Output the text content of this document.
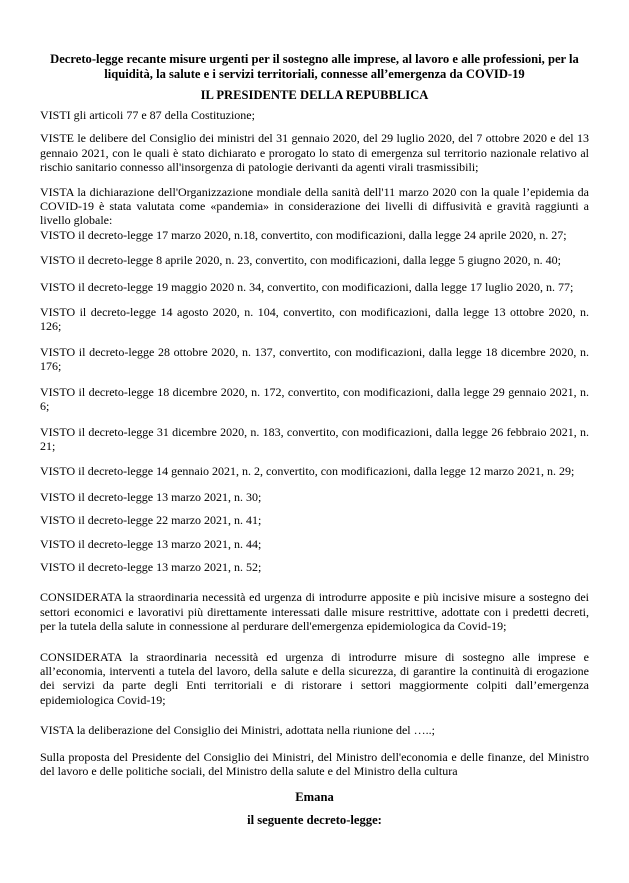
Decreto-legge recante misure urgenti per il sostegno alle imprese, al lavoro e alle professioni, per la liquidità, la salute e i servizi territoriali, connesse all’emergenza da COVID-19
IL PRESIDENTE DELLA REPUBBLICA
VISTI gli articoli 77 e 87 della Costituzione;
VISTE le delibere del Consiglio dei ministri del 31 gennaio 2020, del 29 luglio 2020, del 7 ottobre 2020 e del 13 gennaio 2021, con le quali è stato dichiarato e prorogato lo stato di emergenza sul territorio nazionale relativo al rischio sanitario connesso all'insorgenza di patologie derivanti da agenti virali trasmissibili;
VISTA la dichiarazione dell'Organizzazione mondiale della sanità dell'11 marzo 2020 con la quale l’epidemia da COVID-19 è stata valutata come «pandemia» in considerazione dei livelli di diffusività e gravità raggiunti a livello globale:
VISTO il decreto-legge 17 marzo 2020, n.18, convertito, con modificazioni, dalla legge 24 aprile 2020, n. 27;
VISTO il decreto-legge 8 aprile 2020, n. 23, convertito, con modificazioni, dalla legge 5 giugno 2020, n. 40;
VISTO il decreto-legge 19 maggio 2020 n. 34, convertito, con modificazioni, dalla legge 17 luglio 2020, n. 77;
VISTO il decreto-legge 14 agosto 2020, n. 104, convertito, con modificazioni, dalla legge 13 ottobre 2020, n. 126;
VISTO il decreto-legge 28 ottobre 2020, n. 137, convertito, con modificazioni, dalla legge 18 dicembre 2020, n. 176;
VISTO il decreto-legge 18 dicembre 2020, n. 172, convertito, con modificazioni, dalla legge 29 gennaio 2021, n. 6;
VISTO il decreto-legge 31 dicembre 2020, n. 183, convertito, con modificazioni, dalla legge 26 febbraio 2021, n. 21;
VISTO il decreto-legge 14 gennaio 2021, n. 2, convertito, con modificazioni, dalla legge 12 marzo 2021, n. 29;
VISTO il decreto-legge 13 marzo 2021, n. 30;
VISTO il decreto-legge 22 marzo 2021, n. 41;
VISTO il decreto-legge 13 marzo 2021, n. 44;
VISTO il decreto-legge 13 marzo 2021, n. 52;
CONSIDERATA la straordinaria necessità ed urgenza di introdurre apposite e più incisive misure a sostegno dei settori economici e lavorativi più direttamente interessati dalle misure restrittive, adottate con i predetti decreti, per la tutela della salute in connessione al perdurare dell'emergenza epidemiologica da Covid-19;
CONSIDERATA la straordinaria necessità ed urgenza di introdurre misure di sostegno alle imprese e all’economia, interventi a tutela del lavoro, della salute e della sicurezza, di garantire la continuità di erogazione dei servizi da parte degli Enti territoriali e di ristorare i settori maggiormente colpiti dall’emergenza epidemiologica Covid-19;
VISTA la deliberazione del Consiglio dei Ministri, adottata nella riunione del …..;
Sulla proposta del Presidente del Consiglio dei Ministri, del Ministro dell'economia e delle finanze, del Ministro del lavoro e delle politiche sociali, del Ministro della salute e del Ministro della cultura
Emana
il seguente decreto-legge:
